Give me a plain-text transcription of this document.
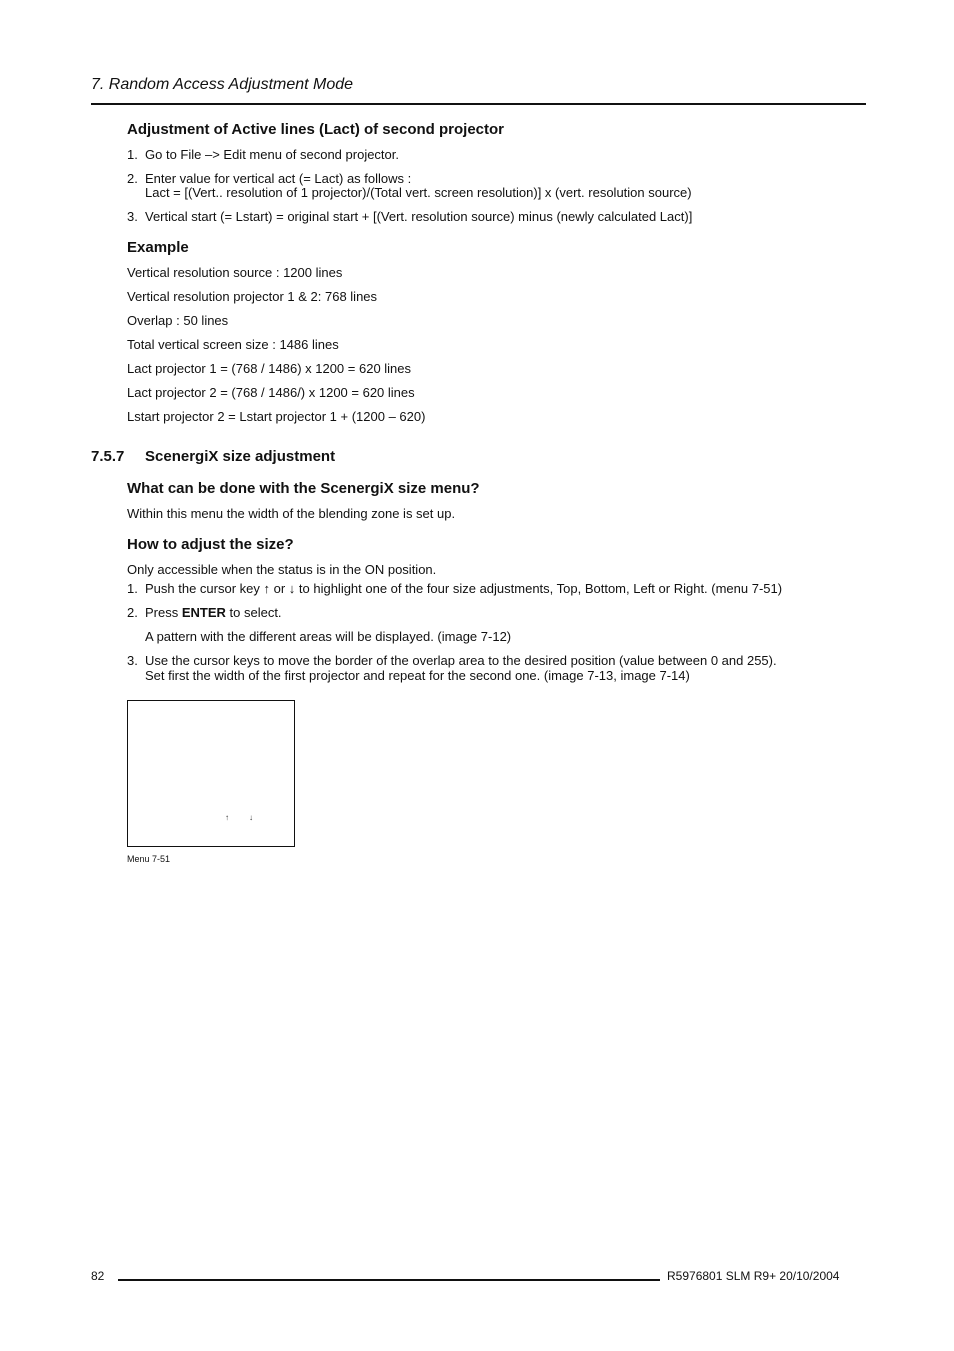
7. Random Access Adjustment Mode
Adjustment of Active lines (Lact) of second projector
1. Go to File –> Edit menu of second projector.
2. Enter value for vertical act (= Lact) as follows :
Lact = [(Vert.. resolution of 1 projector)/(Total vert. screen resolution)] x (vert. resolution source)
3. Vertical start (= Lstart) = original start + [(Vert. resolution source) minus (newly calculated Lact)]
Example
Vertical resolution source : 1200 lines
Vertical resolution projector 1 & 2: 768 lines
Overlap : 50 lines
Total vertical screen size : 1486 lines
Lact projector 1 = (768 / 1486) x 1200 = 620 lines
Lact projector 2 = (768 / 1486/) x 1200 = 620 lines
Lstart projector 2 = Lstart projector 1 + (1200 – 620)
7.5.7 ScenergiX size adjustment
What can be done with the ScenergiX size menu?
Within this menu the width of the blending zone is set up.
How to adjust the size?
Only accessible when the status is in the ON position.
1. Push the cursor key ↑ or ↓ to highlight one of the four size adjustments, Top, Bottom, Left or Right. (menu 7-51)
2. Press ENTER to select.
A pattern with the different areas will be displayed. (image 7-12)
3. Use the cursor keys to move the border of the overlap area to the desired position (value between 0 and 255).
Set first the width of the first projector and repeat for the second one. (image 7-13, image 7-14)
↑	↓
Menu 7-51
82	R5976801 SLM R9+ 20/10/2004
